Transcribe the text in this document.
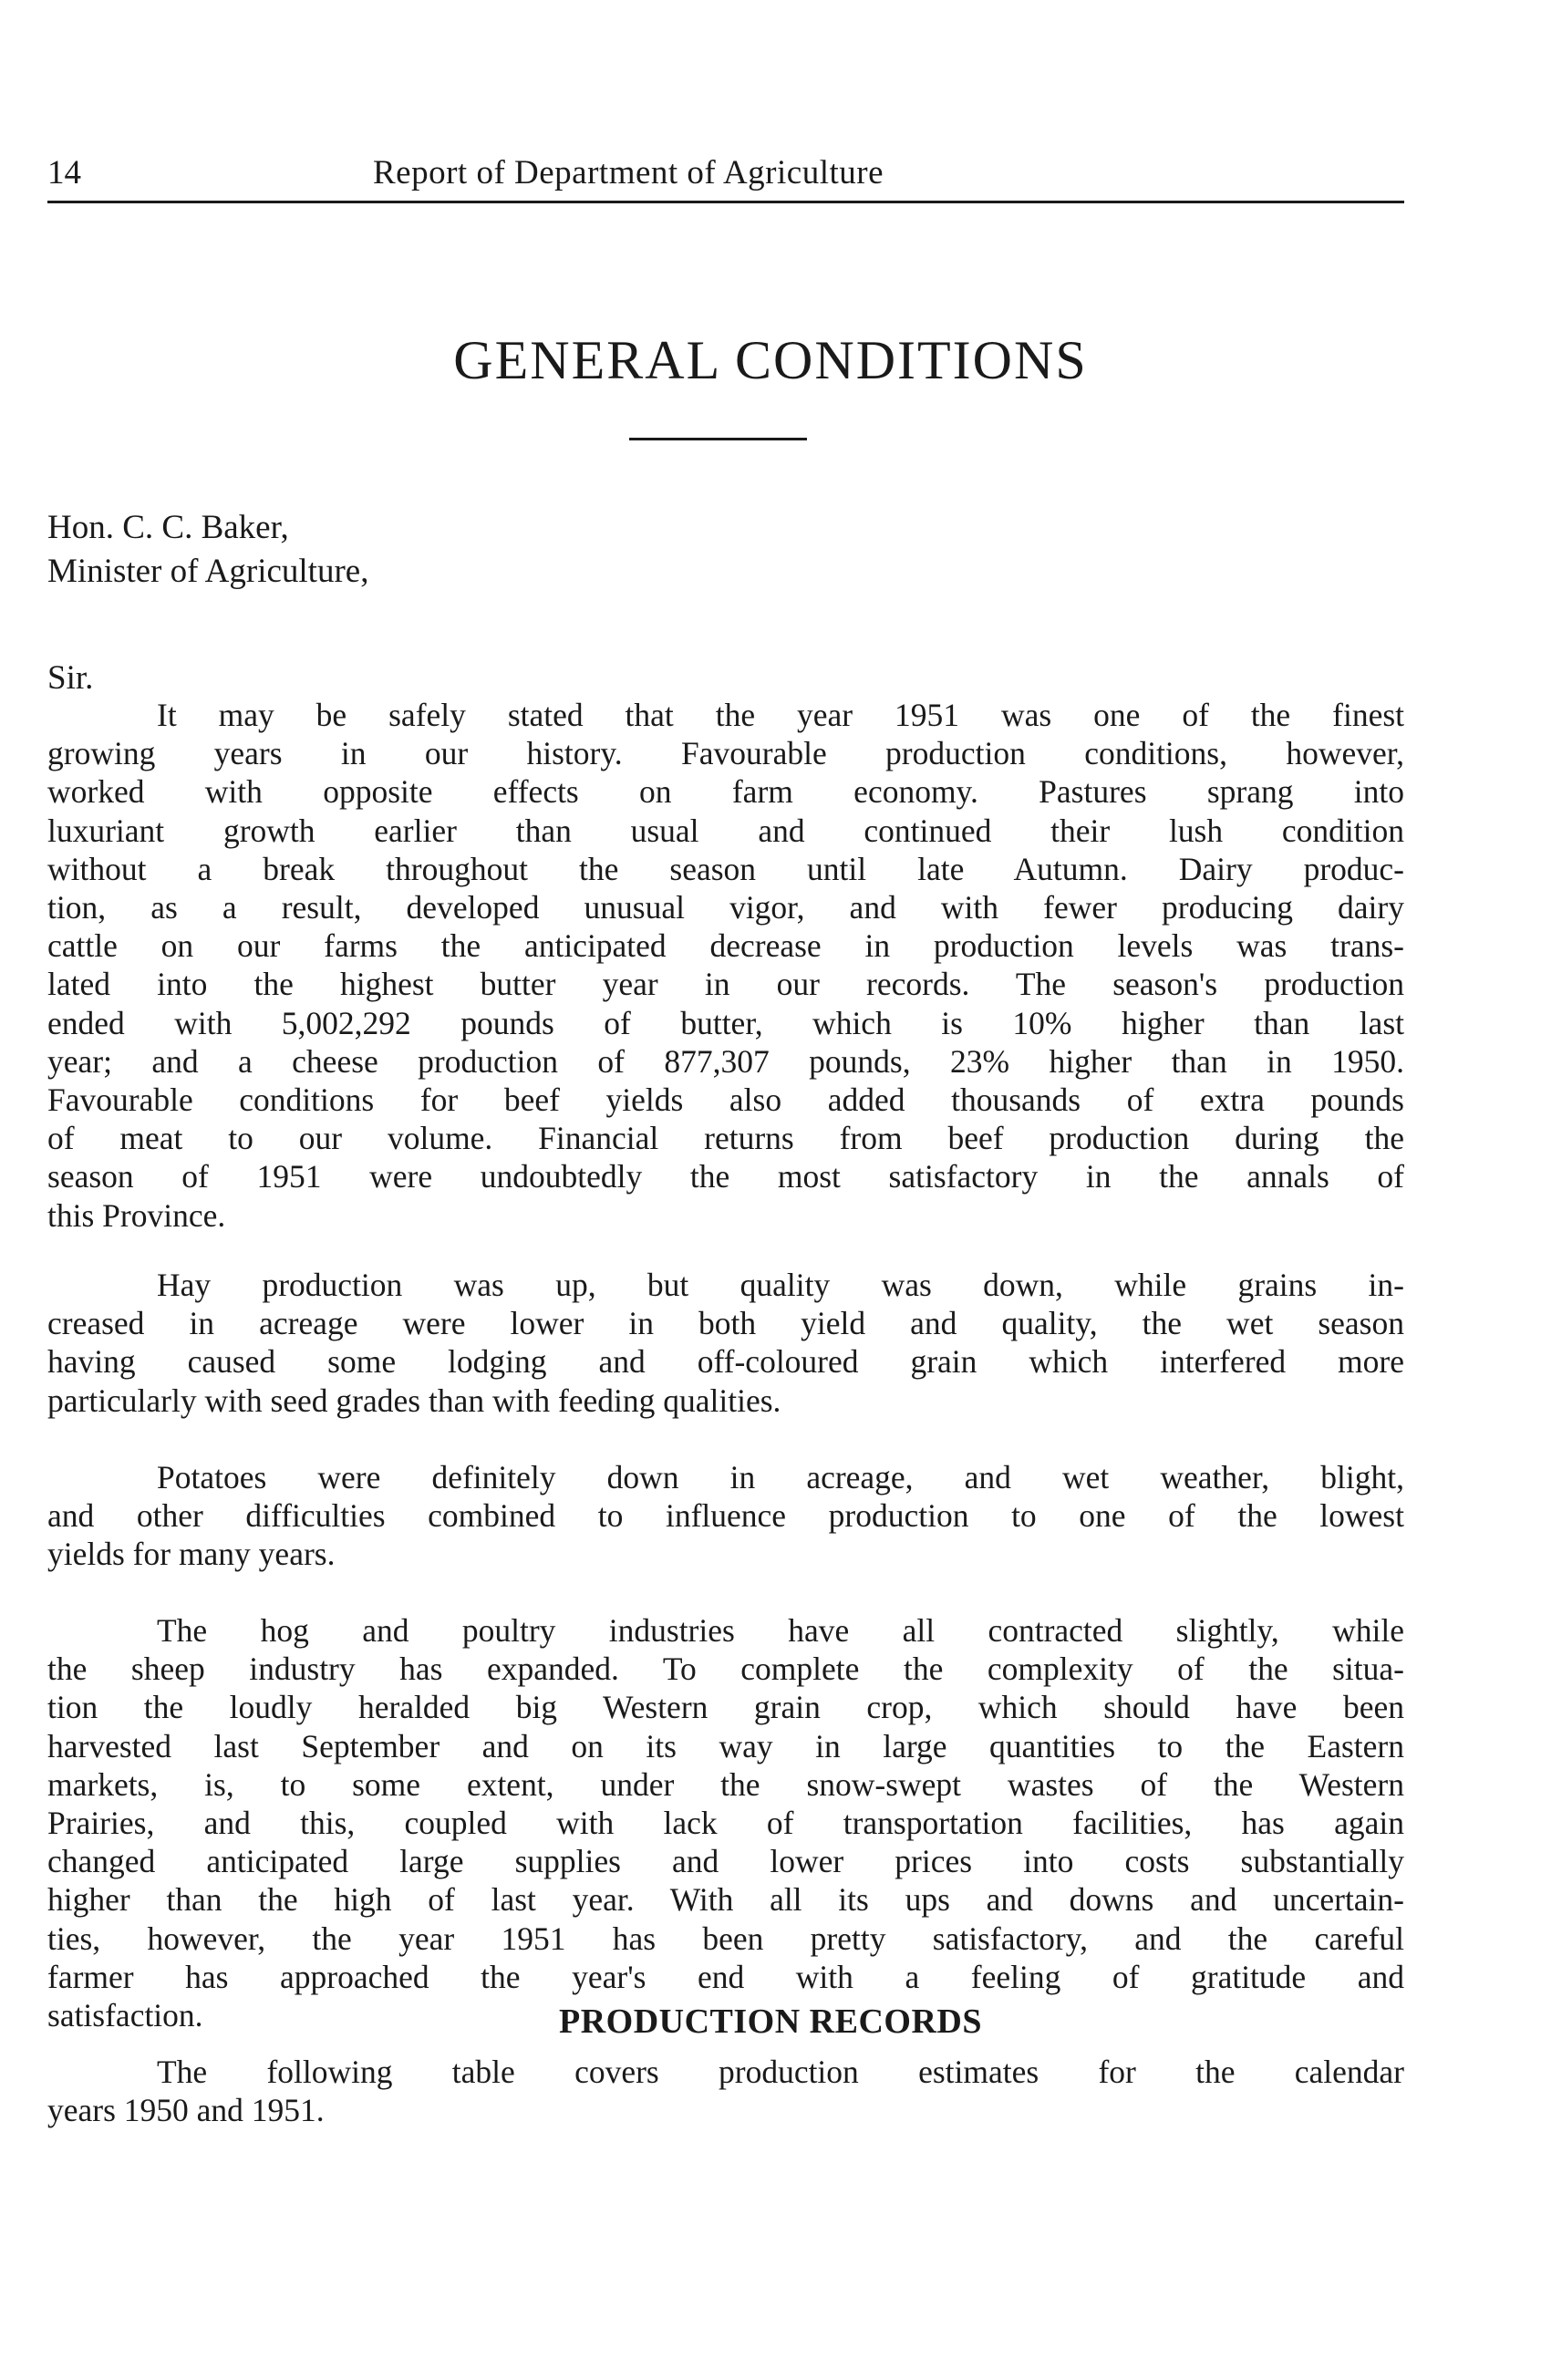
14	Report of Department of Agriculture
GENERAL CONDITIONS
Hon. C. C. Baker,
Minister of Agriculture,
Sir.
It may be safely stated that the year 1951 was one of the finest
growing years in our history. Favourable production conditions, however,
worked with opposite effects on farm economy. Pastures sprang into
luxuriant growth earlier than usual and continued their lush condition
without a break throughout the season until late Autumn. Dairy produc-
tion, as a result, developed unusual vigor, and with fewer producing dairy
cattle on our farms the anticipated decrease in production levels was trans-
lated into the highest butter year in our records. The season's production
ended with 5,002,292 pounds of butter, which is 10% higher than last
year; and a cheese production of 877,307 pounds, 23% higher than in 1950.
Favourable conditions for beef yields also added thousands of extra pounds
of meat to our volume. Financial returns from beef production during the
season of 1951 were undoubtedly the most satisfactory in the annals of
this Province.
Hay production was up, but quality was down, while grains in-
creased in acreage were lower in both yield and quality, the wet season
having caused some lodging and off-coloured grain which interfered more
particularly with seed grades than with feeding qualities.
Potatoes were definitely down in acreage, and wet weather, blight,
and other difficulties combined to influence production to one of the lowest
yields for many years.
The hog and poultry industries have all contracted slightly, while
the sheep industry has expanded. To complete the complexity of the situa-
tion the loudly heralded big Western grain crop, which should have been
harvested last September and on its way in large quantities to the Eastern
markets, is, to some extent, under the snow-swept wastes of the Western
Prairies, and this, coupled with lack of transportation facilities, has again
changed anticipated large supplies and lower prices into costs substantially
higher than the high of last year. With all its ups and downs and uncertain-
ties, however, the year 1951 has been pretty satisfactory, and the careful
farmer has approached the year's end with a feeling of gratitude and
satisfaction.	PRODUCTION RECORDS
The following table covers production estimates for the calendar
years 1950 and 1951.
